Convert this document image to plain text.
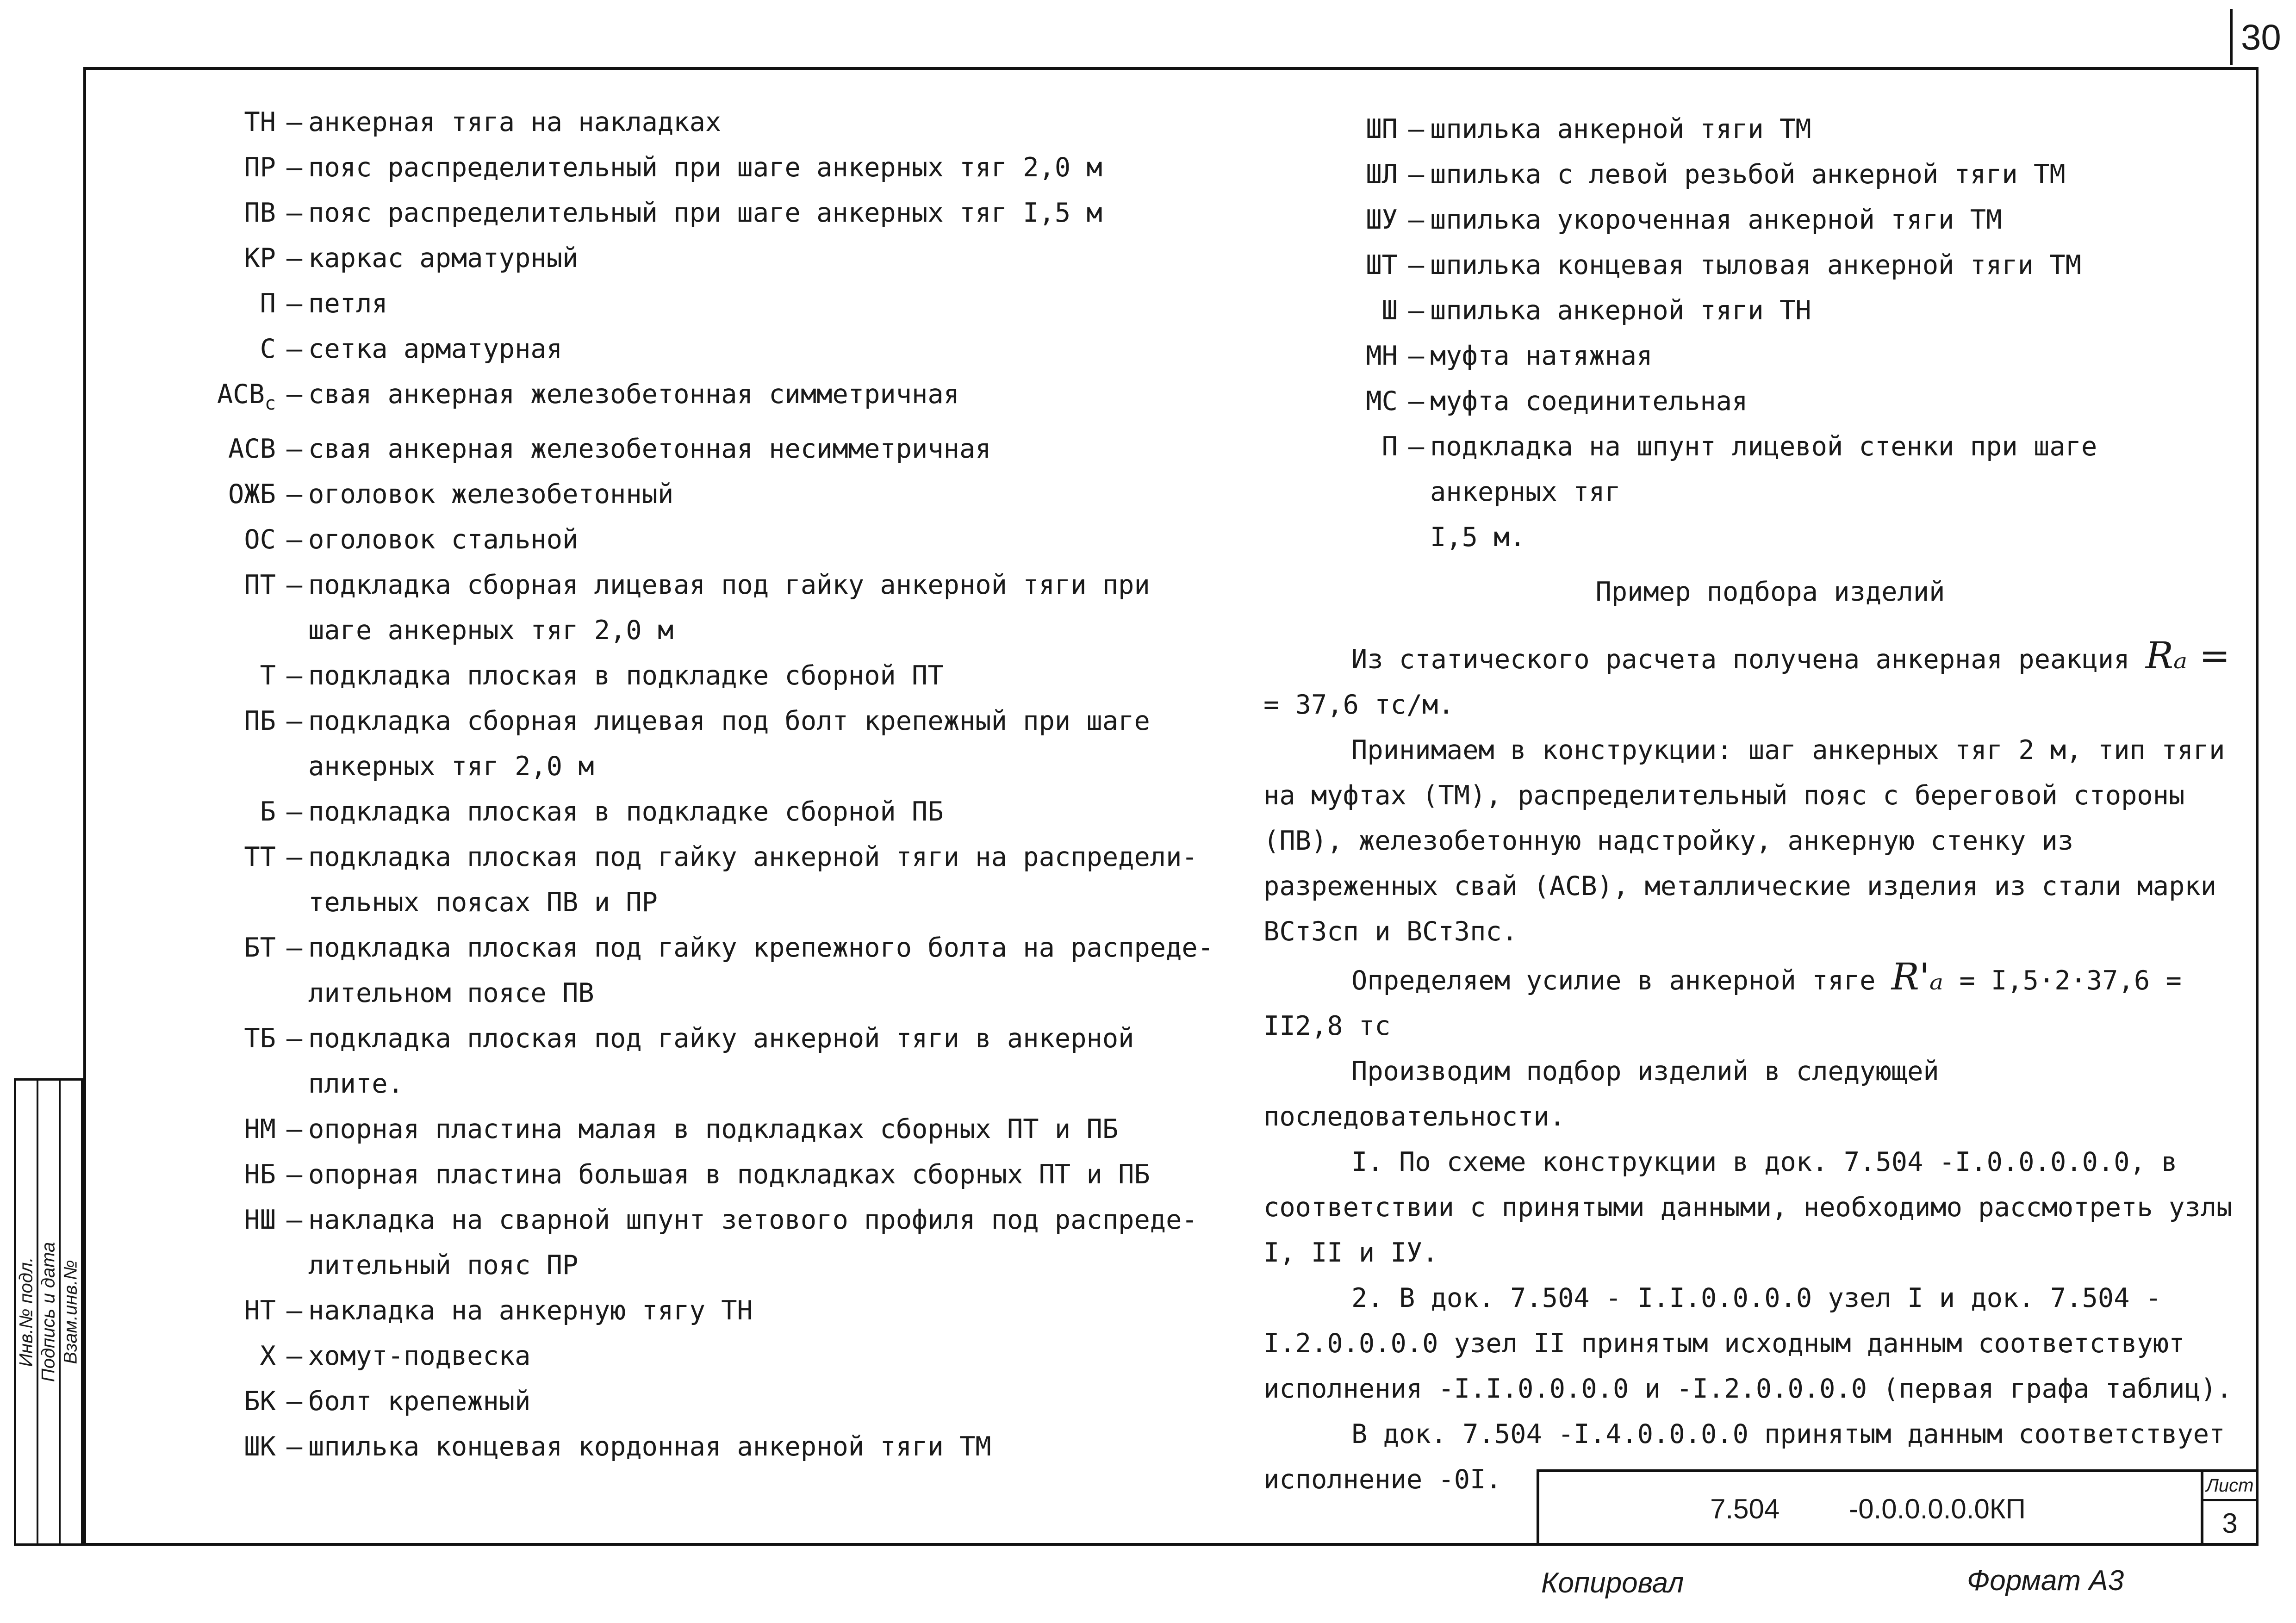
30
Инв.№ подл. Подпись и дата Взам.инв.№
ТН – анкерная тяга на накладках
ПР – пояс распределительный при шаге анкерных тяг 2,0 м
ПВ – пояс распределительный при шаге анкерных тяг I,5 м
КР – каркас арматурный
П – петля
С – сетка арматурная
$АСВ_с$ – свая анкерная железобетонная симметричная
АСВ – свая анкерная железобетонная несимметричная
ОЖБ – оголовок железобетонный
ОС – оголовок стальной
ПТ – подкладка сборная лицевая под гайку анкерной тяги при
шаге анкерных тяг 2,0 м
Т – подкладка плоская в подкладке сборной ПТ
ПБ – подкладка сборная лицевая под болт крепежный при шаге
анкерных тяг 2,0 м
Б – подкладка плоская в подкладке сборной ПБ
ТТ – подкладка плоская под гайку анкерной тяги на распредели-
тельных поясах ПВ и ПР
БТ – подкладка плоская под гайку крепежного болта на распреде-
лительном поясе ПВ
ТБ – подкладка плоская под гайку анкерной тяги в анкерной
плите.
НМ – опорная пластина малая в подкладках сборных ПТ и ПБ
НБ – опорная пластина большая в подкладках сборных ПТ и ПБ
НШ – накладка на сварной шпунт зетового профиля под распреде-
лительный пояс ПР
НТ – накладка на анкерную тягу ТН
Х – хомут-подвеска
БК – болт крепежный
ШК – шпилька концевая кордонная анкерной тяги ТМ
ШП – шпилька анкерной тяги ТМ
ШЛ – шпилька с левой резьбой анкерной тяги ТМ
ШУ – шпилька укороченная анкерной тяги ТМ
ШТ – шпилька концевая тыловая анкерной тяги ТМ
Ш – шпилька анкерной тяги ТН
МН – муфта натяжная
МС – муфта соединительная
П – подкладка на шпунт лицевой стенки при шаге анкерных тяг
I,5 м.
Пример подбора изделий

Из статического расчета получена анкерная реакция Rₐ =

= 37,6 тс/м.

Принимаем в конструкции: шаг анкерных тяг 2 м, тип тяги на муфтах (ТМ), распределительный пояс с береговой стороны (ПВ), железобетонную надстройку, анкерную стенку из разреженных свай (АСВ), металлические изделия из стали марки ВСт3сп и ВСт3пс.

Определяем усилие в анкерной тяге R'ₐ = I,5·2·37,6 = II2,8 тс

Производим подбор изделий в следующей последовательности.

I. По схеме конструкции в док. 7.504 -I.0.0.0.0.0, в соответствии с принятыми данными, необходимо рассмотреть узлы I, II и IУ.

2. В док. 7.504 - I.I.0.0.0.0 узел I и док. 7.504 -I.2.0.0.0.0 узел II принятым исходным данным соответствуют исполнения -I.I.0.0.0.0 и -I.2.0.0.0.0 (первая графа таблиц).

В док. 7.504 -I.4.0.0.0.0 принятым данным соответствует исполнение -0I.

7.504	-0.0.0.0.0.0КП
Лист
3
Копировал	Формат А3
